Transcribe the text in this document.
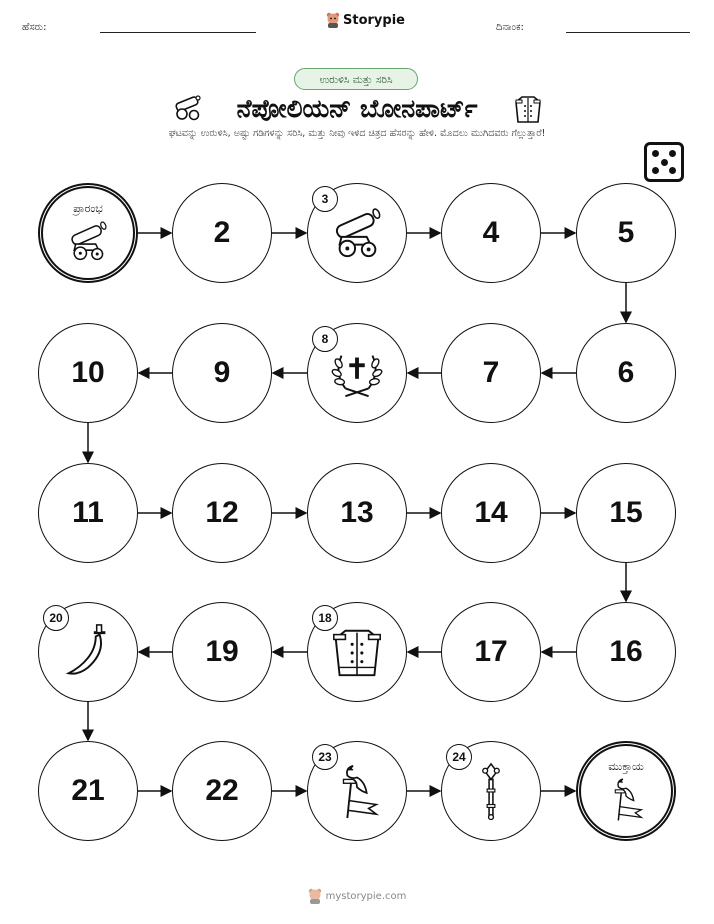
ಹೆಸರು:	Storypie	ದಿನಾಂಕ:
ಉರುಳಿಸಿ ಮತ್ತು ಸರಿಸಿ
ನೆಪೋಲಿಯನ್ ಬೋನಪಾರ್ಟ್
ಘಟವನ್ನು ಉರುಳಿಸಿ, ಅಷ್ಟು ಗಡಿಗಳನ್ನು ಸರಿಸಿ, ಮತ್ತು ನೀವು ಇಳಿದ ಚಿತ್ರದ ಹೆಸರನ್ನು ಹೇಳಿ. ಮೊದಲು ಮುಗಿದವರು ಗೆಲ್ಲುತ್ತಾರೆ!
ಪ್ರಾರಂಭ
2
3
4	5
6
7
8
9
10
11	12	13	14	15
16
17
18
19
20
21	22
23	24
ಮುಕ್ತಾಯ
mystorypie.com
